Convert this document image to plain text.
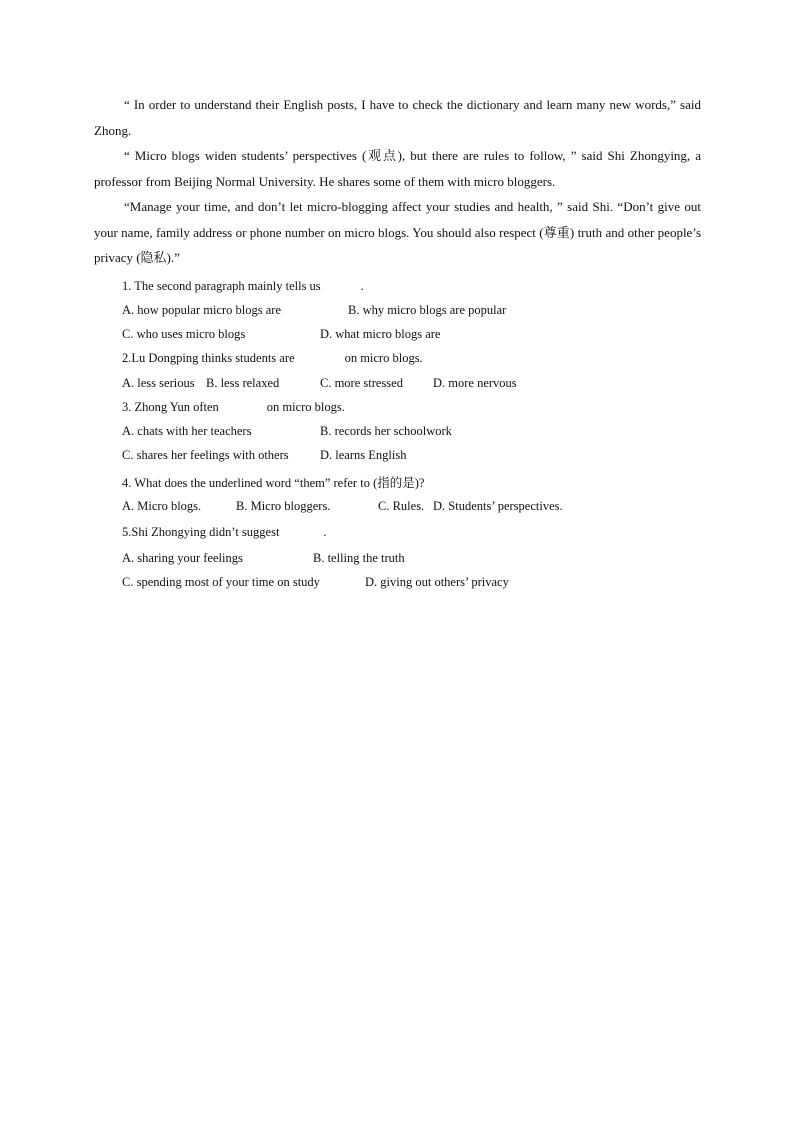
“ In order to understand their English posts, I have to check the dictionary and learn many new words,” said Zhong.

“ Micro blogs widen students’ perspectives (观点), but there are rules to follow, ” said Shi Zhongying, a professor from Beijing Normal University. He shares some of them with micro bloggers.

“Manage your time, and don’t let micro-blogging affect your studies and health, ” said Shi. “Don’t give out your name, family address or phone number on micro blogs. You should also respect (尊重) truth and other people’s privacy (隐私).”

1. The second paragraph mainly tells us	.

A. how popular micro blogs are	B. why micro blogs are popular
C. who uses micro blogs	D. what micro blogs are

2.Lu Dongping thinks students are	on micro blogs.

A. less serious B. less relaxed	C. more stressed D. more nervous

3. Zhong Yun often	on micro blogs.

A. chats with her teachers	B. records her schoolwork
C. shares her feelings with others	D. learns English

4. What does the underlined word “them” refer to (指的是)?

A. Micro blogs.	B. Micro bloggers.	C. Rules. D. Students’ perspectives.

5.Shi Zhongying didn’t suggest	.

A. sharing your feelings	B. telling the truth
C. spending most of your time on study	D. giving out others’ privacy
